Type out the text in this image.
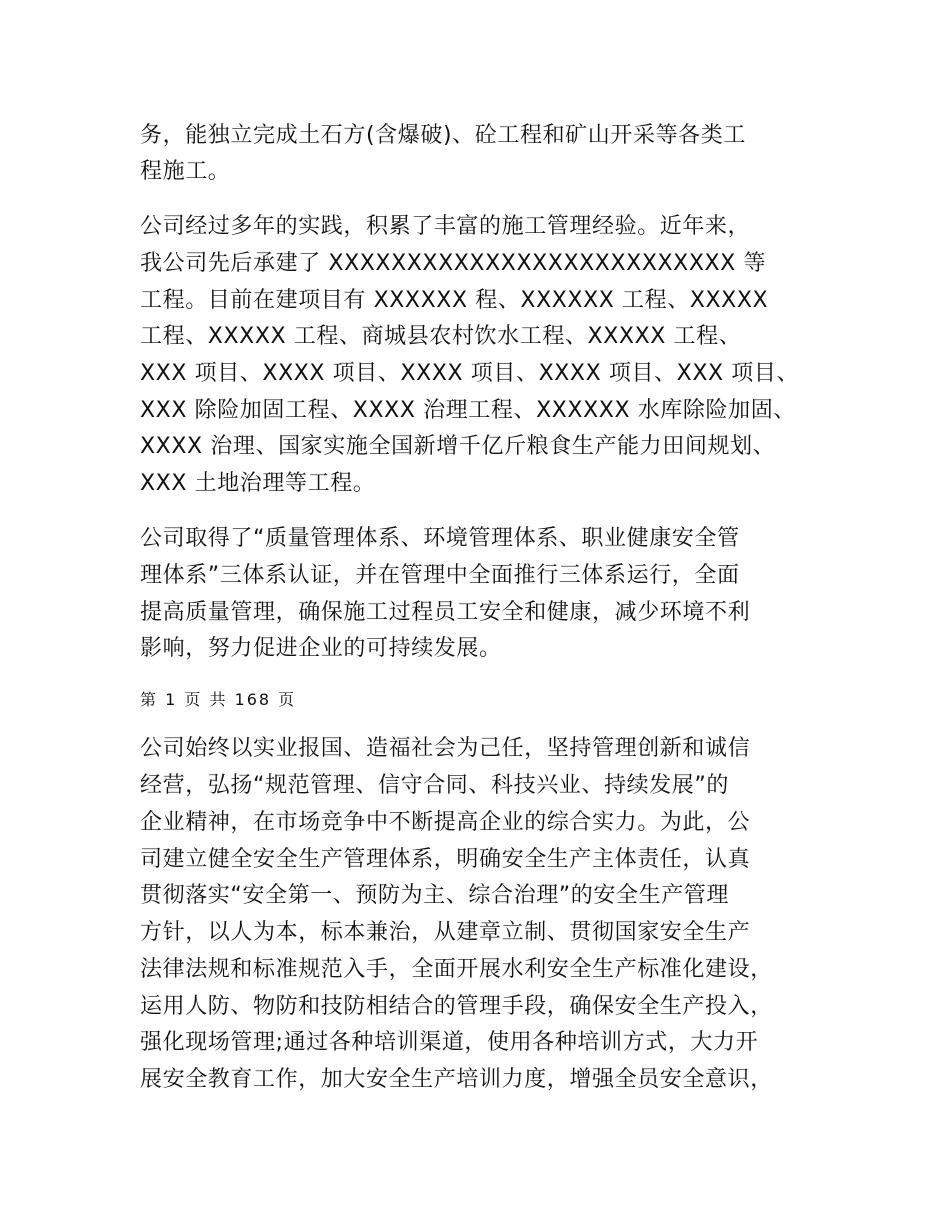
务，能独立完成土石方(含爆破)、砼工程和矿山开采等各类工
程施工。
公司经过多年的实践，积累了丰富的施工管理经验。近年来，
我公司先后承建了 XXXXXXXXXXXXXXXXXXXXXXXXXX 等
工程。目前在建项目有 XXXXXX 程、XXXXXX 工程、XXXXX
工程、XXXXX 工程、商城县农村饮水工程、XXXXX 工程、
XXX 项目、XXXX 项目、XXXX 项目、XXXX 项目、XXX 项目、
XXX 除险加固工程、XXXX 治理工程、XXXXXX 水库除险加固、
XXXX 治理、国家实施全国新增千亿斤粮食生产能力田间规划、
XXX 土地治理等工程。
公司取得了“质量管理体系、环境管理体系、职业健康安全管
理体系”三体系认证，并在管理中全面推行三体系运行，全面
提高质量管理，确保施工过程员工安全和健康，减少环境不利
影响，努力促进企业的可持续发展。
第 1 页 共 168 页
公司始终以实业报国、造福社会为己任，坚持管理创新和诚信
经营，弘扬“规范管理、信守合同、科技兴业、持续发展”的
企业精神，在市场竞争中不断提高企业的综合实力。为此，公
司建立健全安全生产管理体系，明确安全生产主体责任，认真
贯彻落实“安全第一、预防为主、综合治理”的安全生产管理
方针，以人为本，标本兼治，从建章立制、贯彻国家安全生产
法律法规和标准规范入手，全面开展水利安全生产标准化建设，
运用人防、物防和技防相结合的管理手段，确保安全生产投入，
强化现场管理;通过各种培训渠道，使用各种培训方式，大力开
展安全教育工作，加大安全生产培训力度，增强全员安全意识，
